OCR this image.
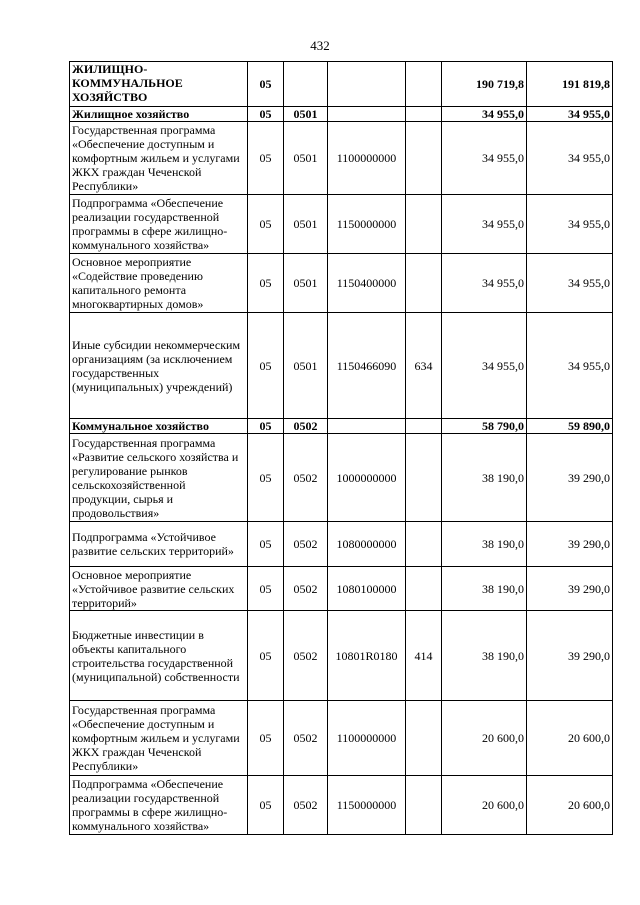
432
ЖИЛИЩНО-КОММУНАЛЬНОЕ ХОЗЯЙСТВО	05				190 719,8	191 819,8
Жилищное хозяйство	05	0501			34 955,0	34 955,0
Государственная программа «Обеспечение доступным и комфортным жильем и услугами ЖКХ граждан Чеченской Республики»	05	0501	1100000000		34 955,0	34 955,0
Подпрограмма «Обеспечение реализации государственной программы в сфере жилищно-коммунального хозяйства»	05	0501	1150000000		34 955,0	34 955,0
Основное мероприятие «Содействие проведению капитального ремонта многоквартирных домов»	05	0501	1150400000		34 955,0	34 955,0
Иные субсидии некоммерческим организациям (за исключением государственных (муниципальных) учреждений)	05	0501	1150466090	634	34 955,0	34 955,0
Коммунальное хозяйство	05	0502			58 790,0	59 890,0
Государственная программа «Развитие сельского хозяйства и регулирование рынков сельскохозяйственной продукции, сырья и продовольствия»	05	0502	1000000000		38 190,0	39 290,0
Подпрограмма «Устойчивое развитие сельских территорий»	05	0502	1080000000		38 190,0	39 290,0
Основное мероприятие «Устойчивое развитие сельских территорий»	05	0502	1080100000		38 190,0	39 290,0
Бюджетные инвестиции в объекты капитального строительства государственной (муниципальной) собственности	05	0502	10801R0180	414	38 190,0	39 290,0
Государственная программа «Обеспечение доступным и комфортным жильем и услугами ЖКХ граждан Чеченской Республики»	05	0502	1100000000		20 600,0	20 600,0
Подпрограмма «Обеспечение реализации государственной программы в сфере жилищно-коммунального хозяйства»	05	0502	1150000000		20 600,0	20 600,0
